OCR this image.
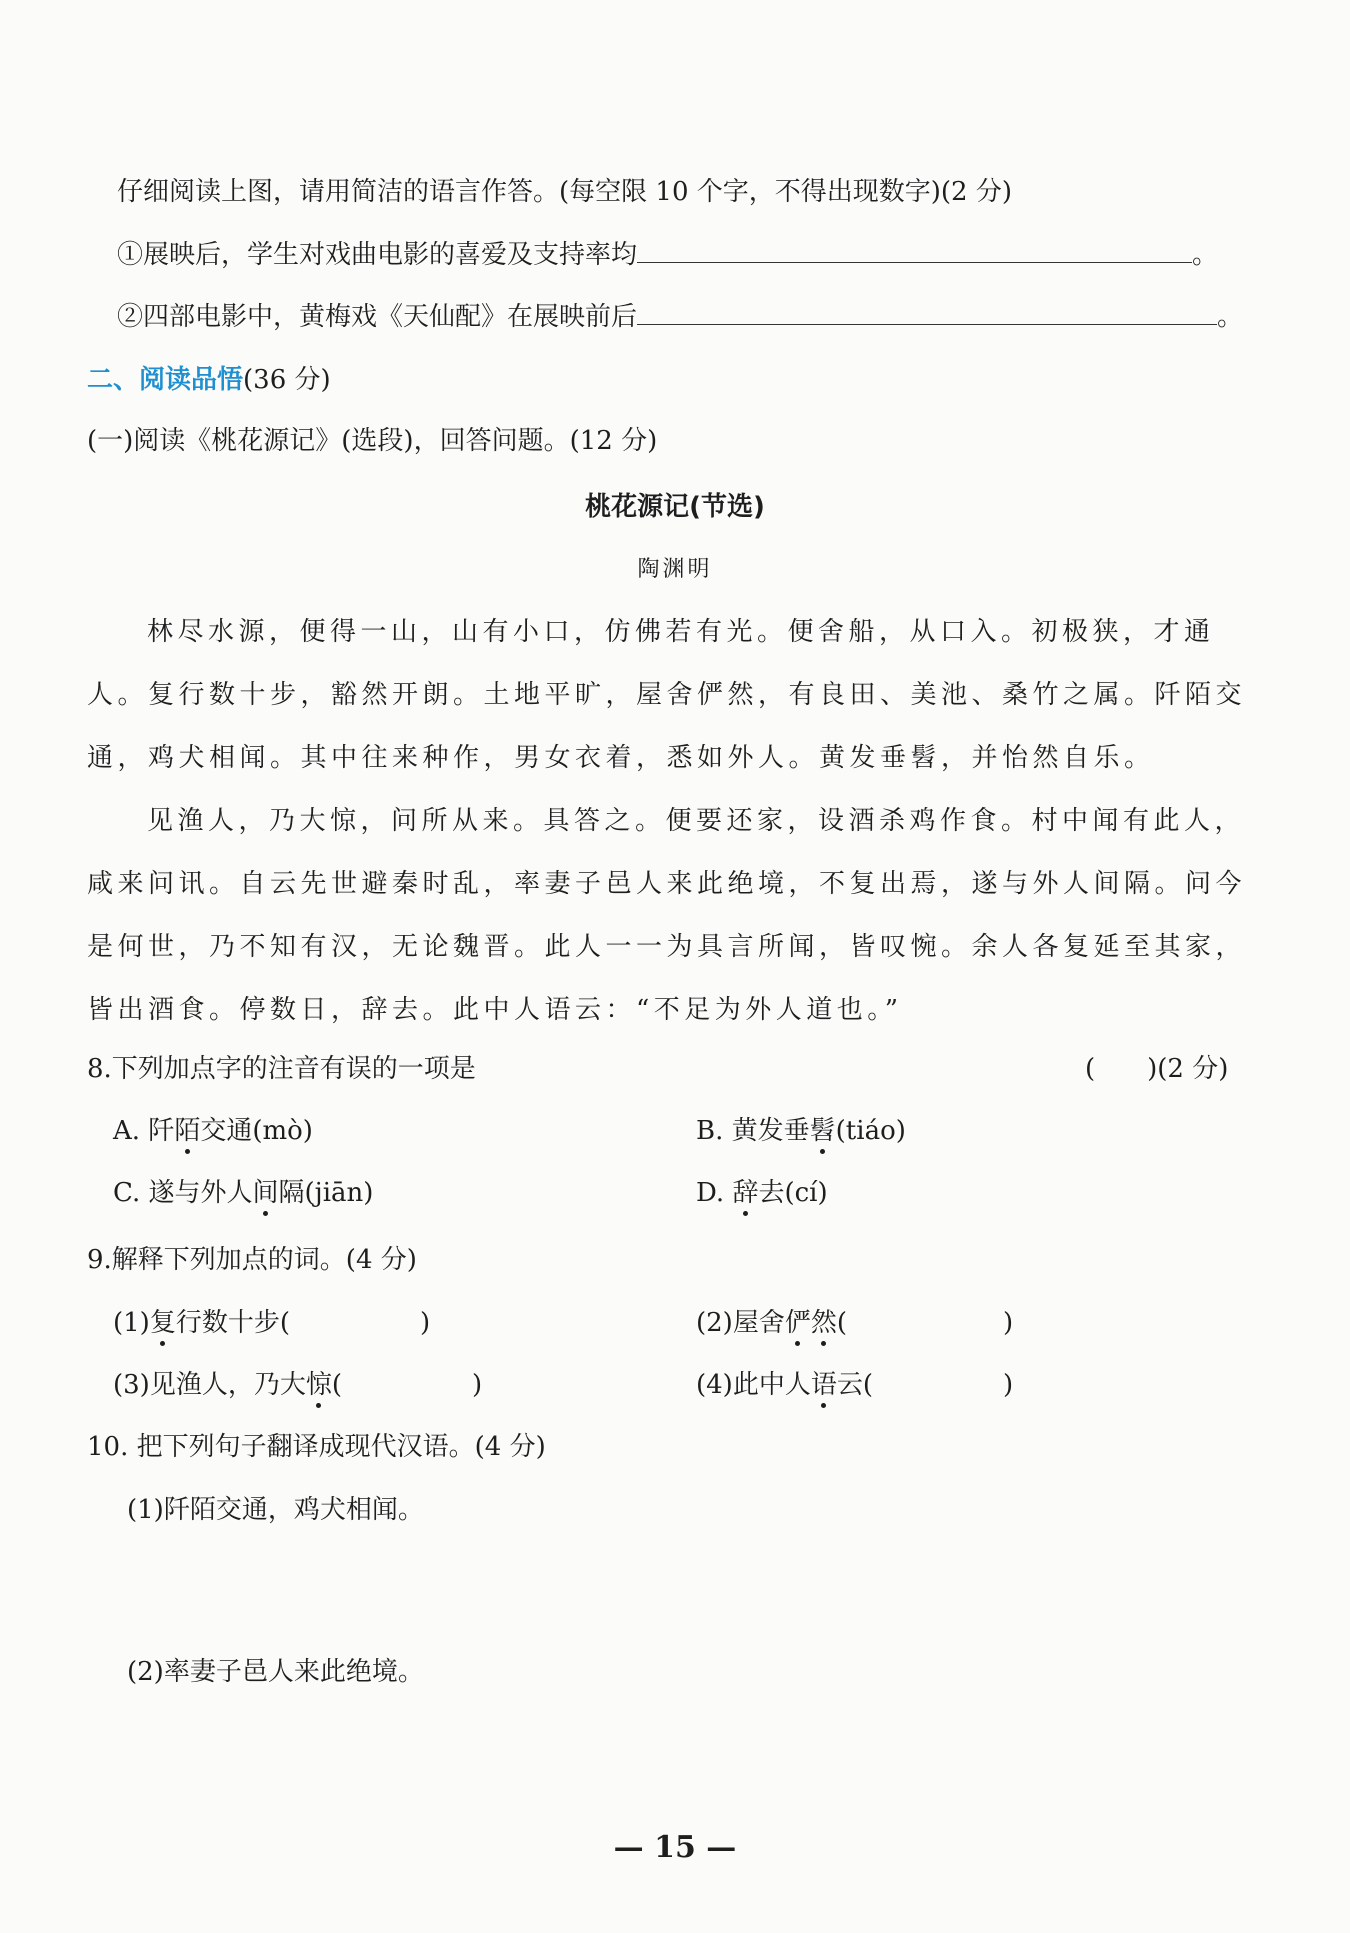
仔细阅读上图，请用简洁的语言作答。(每空限 10 个字，不得出现数字)(2 分)
①展映后，学生对戏曲电影的喜爱及支持率均	。
②四部电影中，黄梅戏《天仙配》在展映前后	。
二、阅读品悟(36 分)
(一)阅读《桃花源记》(选段)，回答问题。(12 分)
桃花源记(节选)
陶渊明
林尽水源，便得一山，山有小口，仿佛若有光。便舍船，从口入。初极狭，才通人。复行数十步，豁然开朗。土地平旷，屋舍俨然，有良田、美池、桑竹之属。阡陌交通，鸡犬相闻。其中往来种作，男女衣着，悉如外人。黄发垂髫，并怡然自乐。
见渔人，乃大惊，问所从来。具答之。便要还家，设酒杀鸡作食。村中闻有此人，咸来问讯。自云先世避秦时乱，率妻子邑人来此绝境，不复出焉，遂与外人间隔。问今是何世，乃不知有汉，无论魏晋。此人一一为具言所闻，皆叹惋。余人各复延至其家，皆出酒食。停数日，辞去。此中人语云：“不足为外人道也。”
8.下列加点字的注音有误的一项是	(　　)(2 分)
A. 阡陌交通(mò)	B. 黄发垂髫(tiáo)
C. 遂与外人间隔(jiān)	D. 辞去(cí)
9.解释下列加点的词。(4 分)
(1)复行数十步(　　　　　)	(2)屋舍俨然(　　　　　　)
(3)见渔人，乃大惊(　　　　　)	(4)此中人语云(　　　　　)
10. 把下列句子翻译成现代汉语。(4 分)
(1)阡陌交通，鸡犬相闻。
(2)率妻子邑人来此绝境。
— 15 —
